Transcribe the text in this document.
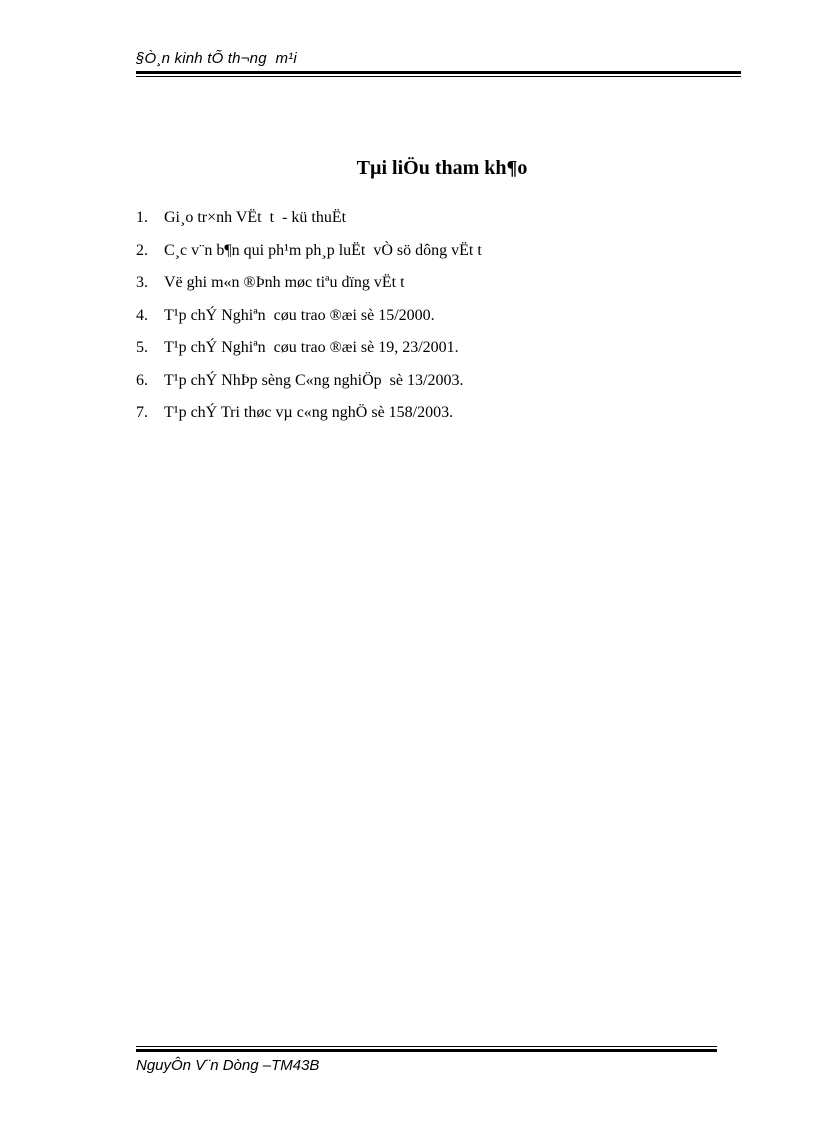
§Ò¸n kinh tÕ th¬ng  m¹i
Tµi liÖu tham kh¶o
1. Gi¸o tr×nh VËt  t  - kü thuËt
2. C¸c v¨n b¶n qui ph¹m ph¸p luËt  vÒ sö dông vËt t
3. Vë ghi m«n ®Þnh møc tiªu dïng vËt t
4. T¹p chÝ Nghiªn  cøu trao ®æi sè 15/2000.
5. T¹p chÝ Nghiªn  cøu trao ®æi sè 19, 23/2001.
6. T¹p chÝ NhÞp sèng C«ng nghiÖp  sè 13/2003.
7. T¹p chÝ Tri thøc vµ c«ng nghÖ sè 158/2003.
NguyÔn V¨n Dòng –TM43B
